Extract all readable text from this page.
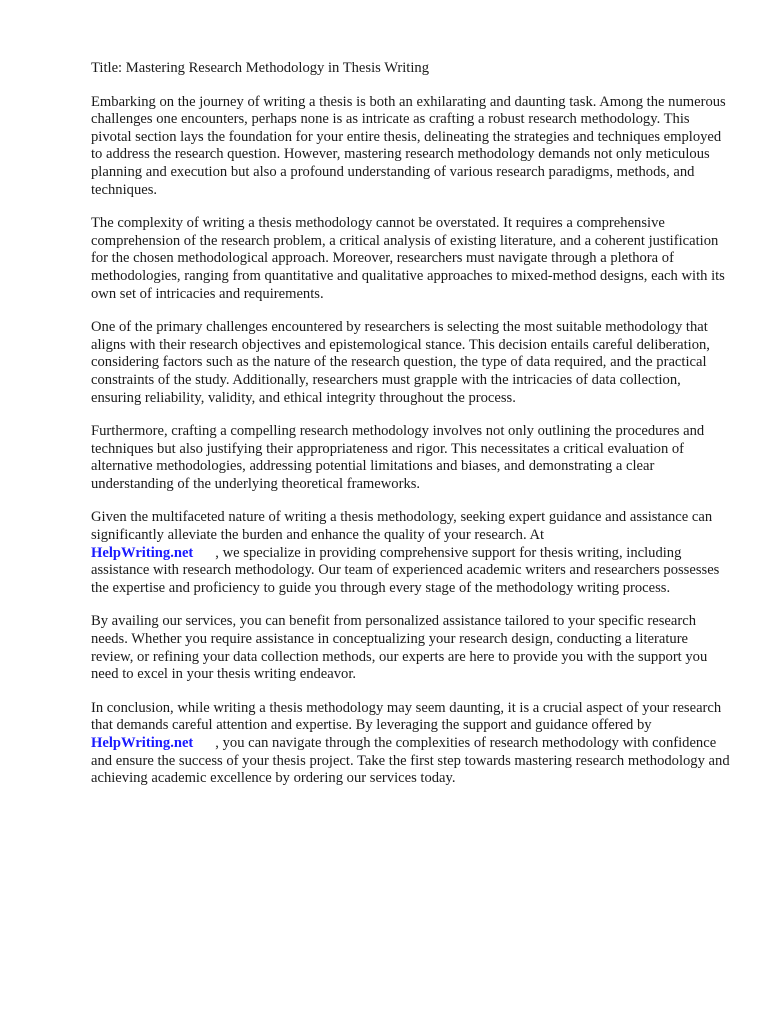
Title: Mastering Research Methodology in Thesis Writing

Embarking on the journey of writing a thesis is both an exhilarating and daunting task. Among the numerous challenges one encounters, perhaps none is as intricate as crafting a robust research methodology. This pivotal section lays the foundation for your entire thesis, delineating the strategies and techniques employed to address the research question. However, mastering research methodology demands not only meticulous planning and execution but also a profound understanding of various research paradigms, methods, and techniques.

The complexity of writing a thesis methodology cannot be overstated. It requires a comprehensive comprehension of the research problem, a critical analysis of existing literature, and a coherent justification for the chosen methodological approach. Moreover, researchers must navigate through a plethora of methodologies, ranging from quantitative and qualitative approaches to mixed-method designs, each with its own set of intricacies and requirements.

One of the primary challenges encountered by researchers is selecting the most suitable methodology that aligns with their research objectives and epistemological stance. This decision entails careful deliberation, considering factors such as the nature of the research question, the type of data required, and the practical constraints of the study. Additionally, researchers must grapple with the intricacies of data collection, ensuring reliability, validity, and ethical integrity throughout the process.

Furthermore, crafting a compelling research methodology involves not only outlining the procedures and techniques but also justifying their appropriateness and rigor. This necessitates a critical evaluation of alternative methodologies, addressing potential limitations and biases, and demonstrating a clear understanding of the underlying theoretical frameworks.

Given the multifaceted nature of writing a thesis methodology, seeking expert guidance and assistance can significantly alleviate the burden and enhance the quality of your research. At
HelpWriting.net , we specialize in providing comprehensive support for thesis writing, including assistance with research methodology. Our team of experienced academic writers and researchers possesses the expertise and proficiency to guide you through every stage of the methodology writing process.

By availing our services, you can benefit from personalized assistance tailored to your specific research needs. Whether you require assistance in conceptualizing your research design, conducting a literature review, or refining your data collection methods, our experts are here to provide you with the support you need to excel in your thesis writing endeavor.

In conclusion, while writing a thesis methodology may seem daunting, it is a crucial aspect of your research that demands careful attention and expertise. By leveraging the support and guidance offered byHelpWriting.net , you can navigate through the complexities of research methodology with confidence and ensure the success of your thesis project. Take the first step towards mastering research methodology and achieving academic excellence by ordering our services today.
